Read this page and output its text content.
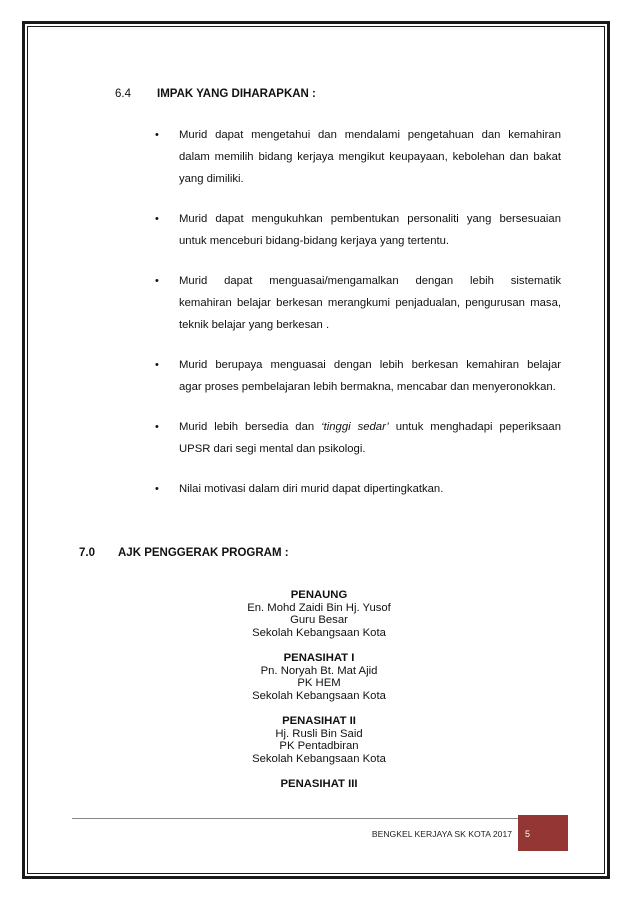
6.4 IMPAK YANG DIHARAPKAN :
• Murid dapat mengetahui dan mendalami pengetahuan dan kemahiran
dalam memilih bidang kerjaya mengikut keupayaan, kebolehan dan bakat yang dimiliki.
• Murid dapat mengukuhkan pembentukan personaliti yang bersesuaian
untuk menceburi bidang-bidang kerjaya yang tertentu.
• Murid dapat menguasai/mengamalkan dengan lebih sistematik
kemahiran belajar berkesan merangkumi penjadualan, pengurusan masa, teknik belajar yang berkesan .
• Murid berupaya menguasai dengan lebih berkesan kemahiran belajar
agar proses pembelajaran lebih bermakna, mencabar dan menyeronokkan.
• Murid lebih bersedia dan ‘tinggi sedar’ untuk menghadapi peperiksaan
UPSR dari segi mental dan psikologi.
• Nilai motivasi dalam diri murid dapat dipertingkatkan.
7.0 AJK PENGGERAK PROGRAM :
PENAUNG
En. Mohd Zaidi Bin Hj. Yusof
Guru Besar
Sekolah Kebangsaan Kota
PENASIHAT I
Pn. Noryah Bt. Mat Ajid
PK HEM
Sekolah Kebangsaan Kota
PENASIHAT II
Hj. Rusli Bin Said
PK Pentadbiran
Sekolah Kebangsaan Kota
PENASIHAT III
BENGKEL KERJAYA SK KOTA 2017	5
